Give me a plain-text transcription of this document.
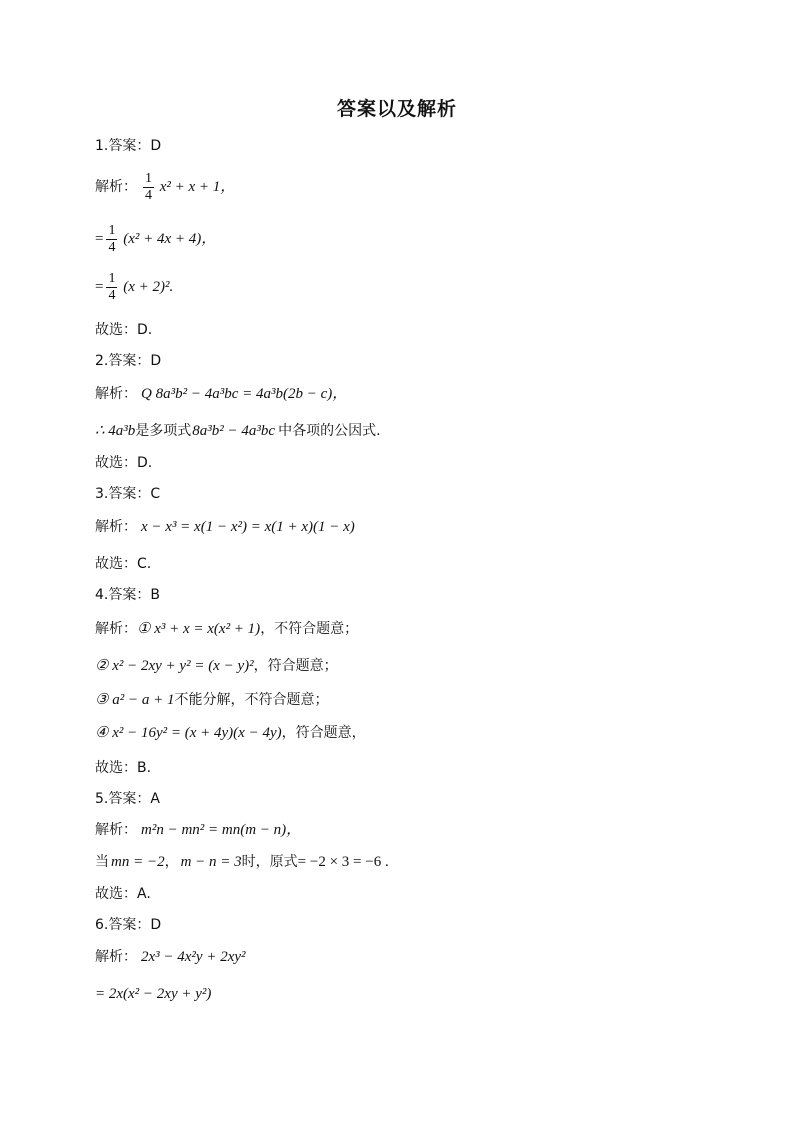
答案以及解析
1.答案：D
解析： $\frac{1}{4} x^2 + x + 1$，
= $\frac{1}{4} (x^2 + 4x + 4)$，
= $\frac{1}{4} (x + 2)^2$.
故选：D.
2.答案：D
解析： Q 8a³b² − 4a³bc = 4a³b(2b − c)，
∴ 4a³b 是多项式 8a³b² − 4a³bc 中各项的公因式.
故选：D.
3.答案：C
解析： x − x³ = x(1 − x²) = x(1 + x)(1 − x)
故选：C.
4.答案：B
解析： ① x³ + x = x(x² + 1) ，不符合题意；
② x² − 2xy + y² = (x − y)² ，符合题意；
③ a² − a + 1 不能分解，不符合题意；
④ x² − 16y² = (x + 4y)(x − 4y) ，符合题意，
故选：B.
5.答案：A
解析： m²n − mn² = mn(m − n)，
当 mn = −2 ， m − n = 3 时，原式 = −2 × 3 = −6 .
故选：A.
6.答案：D
解析： 2x³ − 4x²y + 2xy²
= 2x(x² − 2xy + y²)
